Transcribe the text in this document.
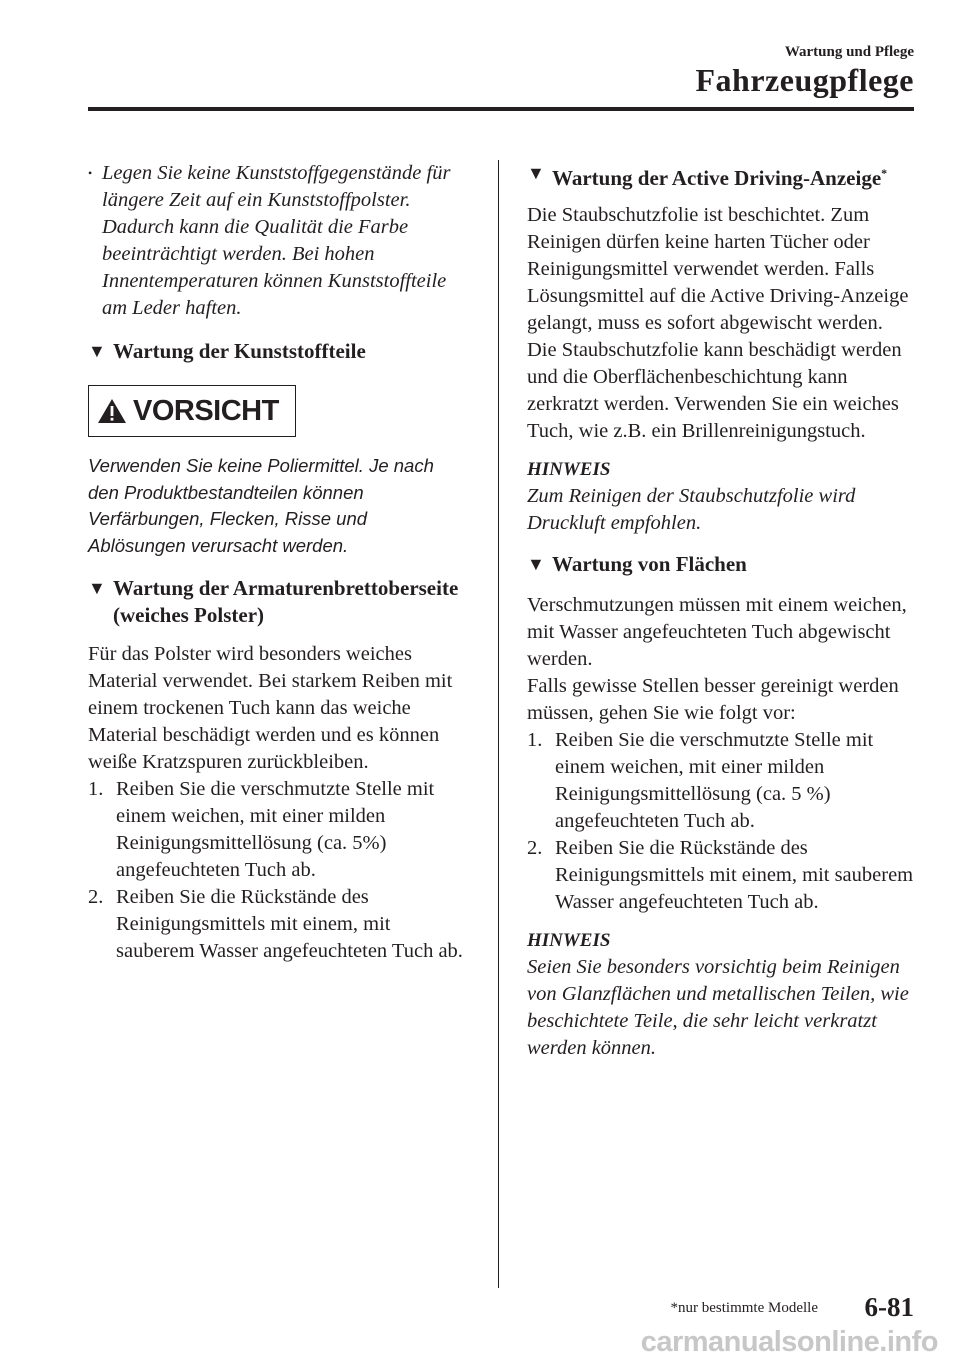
Wartung und Pflege
Fahrzeugpflege
• Legen Sie keine Kunststoffgegenstände für längere Zeit auf ein Kunststoffpolster. Dadurch kann die Qualität die Farbe beeinträchtigt werden. Bei hohen Innentemperaturen können Kunststoffteile am Leder haften.
▼ Wartung der Kunststoffteile
VORSICHT

Verwenden Sie keine Poliermittel. Je nach den Produktbestandteilen können Verfärbungen, Flecken, Risse und Ablösungen verursacht werden.

▼ Wartung der Armaturenbrettoberseite (weiches Polster)

Für das Polster wird besonders weiches Material verwendet. Bei starkem Reiben mit einem trockenen Tuch kann das weiche Material beschädigt werden und es können weiße Kratzspuren zurückbleiben.

1. Reiben Sie die verschmutzte Stelle mit einem weichen, mit einer milden Reinigungsmittellösung (ca. 5%) angefeuchteten Tuch ab.
2. Reiben Sie die Rückstände des Reinigungsmittels mit einem, mit sauberem Wasser angefeuchteten Tuch ab.
▼ Wartung der Active Driving-Anzeige*

Die Staubschutzfolie ist beschichtet. Zum Reinigen dürfen keine harten Tücher oder Reinigungsmittel verwendet werden. Falls Lösungsmittel auf die Active Driving-Anzeige gelangt, muss es sofort abgewischt werden. Die Staubschutzfolie kann beschädigt werden und die Oberflächenbeschichtung kann zerkratzt werden. Verwenden Sie ein weiches Tuch, wie z.B. ein Brillenreinigungstuch.

HINWEIS

Zum Reinigen der Staubschutzfolie wird Druckluft empfohlen.

▼ Wartung von Flächen

Verschmutzungen müssen mit einem weichen, mit Wasser angefeuchteten Tuch abgewischt werden.

Falls gewisse Stellen besser gereinigt werden müssen, gehen Sie wie folgt vor:

1. Reiben Sie die verschmutzte Stelle mit einem weichen, mit einer milden Reinigungsmittellösung (ca. 5 %) angefeuchteten Tuch ab.
2. Reiben Sie die Rückstände des Reinigungsmittels mit einem, mit sauberem Wasser angefeuchteten Tuch ab.

HINWEIS

Seien Sie besonders vorsichtig beim Reinigen von Glanzflächen und metallischen Teilen, wie beschichtete Teile, die sehr leicht verkratzt werden können.

*nur bestimmte Modelle 6-81
carmanualsonline.info
